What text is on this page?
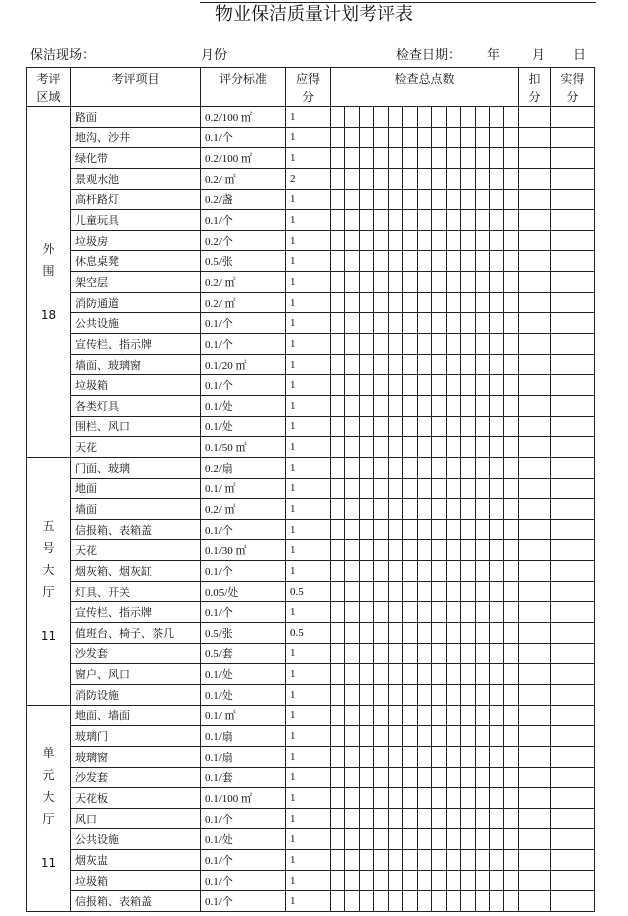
物业保洁质量计划考评表
保洁现场：	月份	检查日期： 年 月 日
考评区域	考评项目	评分标准	应得分	检查总点数													扣分	实得分

外围
18	路面	0.2/100 ㎡	1															
	地沟、沙井	0.1/个	1															
	绿化带	0.2/100 ㎡	1															
	景观水池	0.2/ ㎡	2															
	高杆路灯	0.2/盏	1															
	儿童玩具	0.1/个	1															
	垃圾房	0.2/个	1															
	休息桌凳	0.5/张	1															
	架空层	0.2/ ㎡	1															
	消防通道	0.2/ ㎡	1															
	公共设施	0.1/个	1															
	宣传栏、指示牌	0.1/个	1															
	墙面、玻璃窗	0.1/20 ㎡	1															
	垃圾箱	0.1/个	1															
	各类灯具	0.1/处	1															
	围栏、风口	0.1/处	1															
	天花	0.1/50 ㎡	1															

五号大厅
11	门面、玻璃	0.2/扇	1															
	地面	0.1/ ㎡	1															
	墙面	0.2/ ㎡	1															
	信报箱、表箱盖	0.1/个	1															
	天花	0.1/30 ㎡	1															
	烟灰箱、烟灰缸	0.1/个	1															
	灯具、开关	0.05/处	0.5															
	宣传栏、指示牌	0.1/个	1															
	值班台、椅子、茶几	0.5/张	0.5															
	沙发套	0.5/套	1															
	窗户、风口	0.1/处	1															
	消防设施	0.1/处	1															

单元大厅
11	地面、墙面	0.1/ ㎡	1															
	玻璃门	0.1/扇	1															
	玻璃窗	0.1/扇	1															
	沙发套	0.1/套	1															
	天花板	0.1/100 ㎡	1															
	风口	0.1/个	1															
	公共设施	0.1/处	1															
	烟灰盅	0.1/个	1															
	垃圾箱	0.1/个	1															
	信报箱、表箱盖	0.1/个	1															
